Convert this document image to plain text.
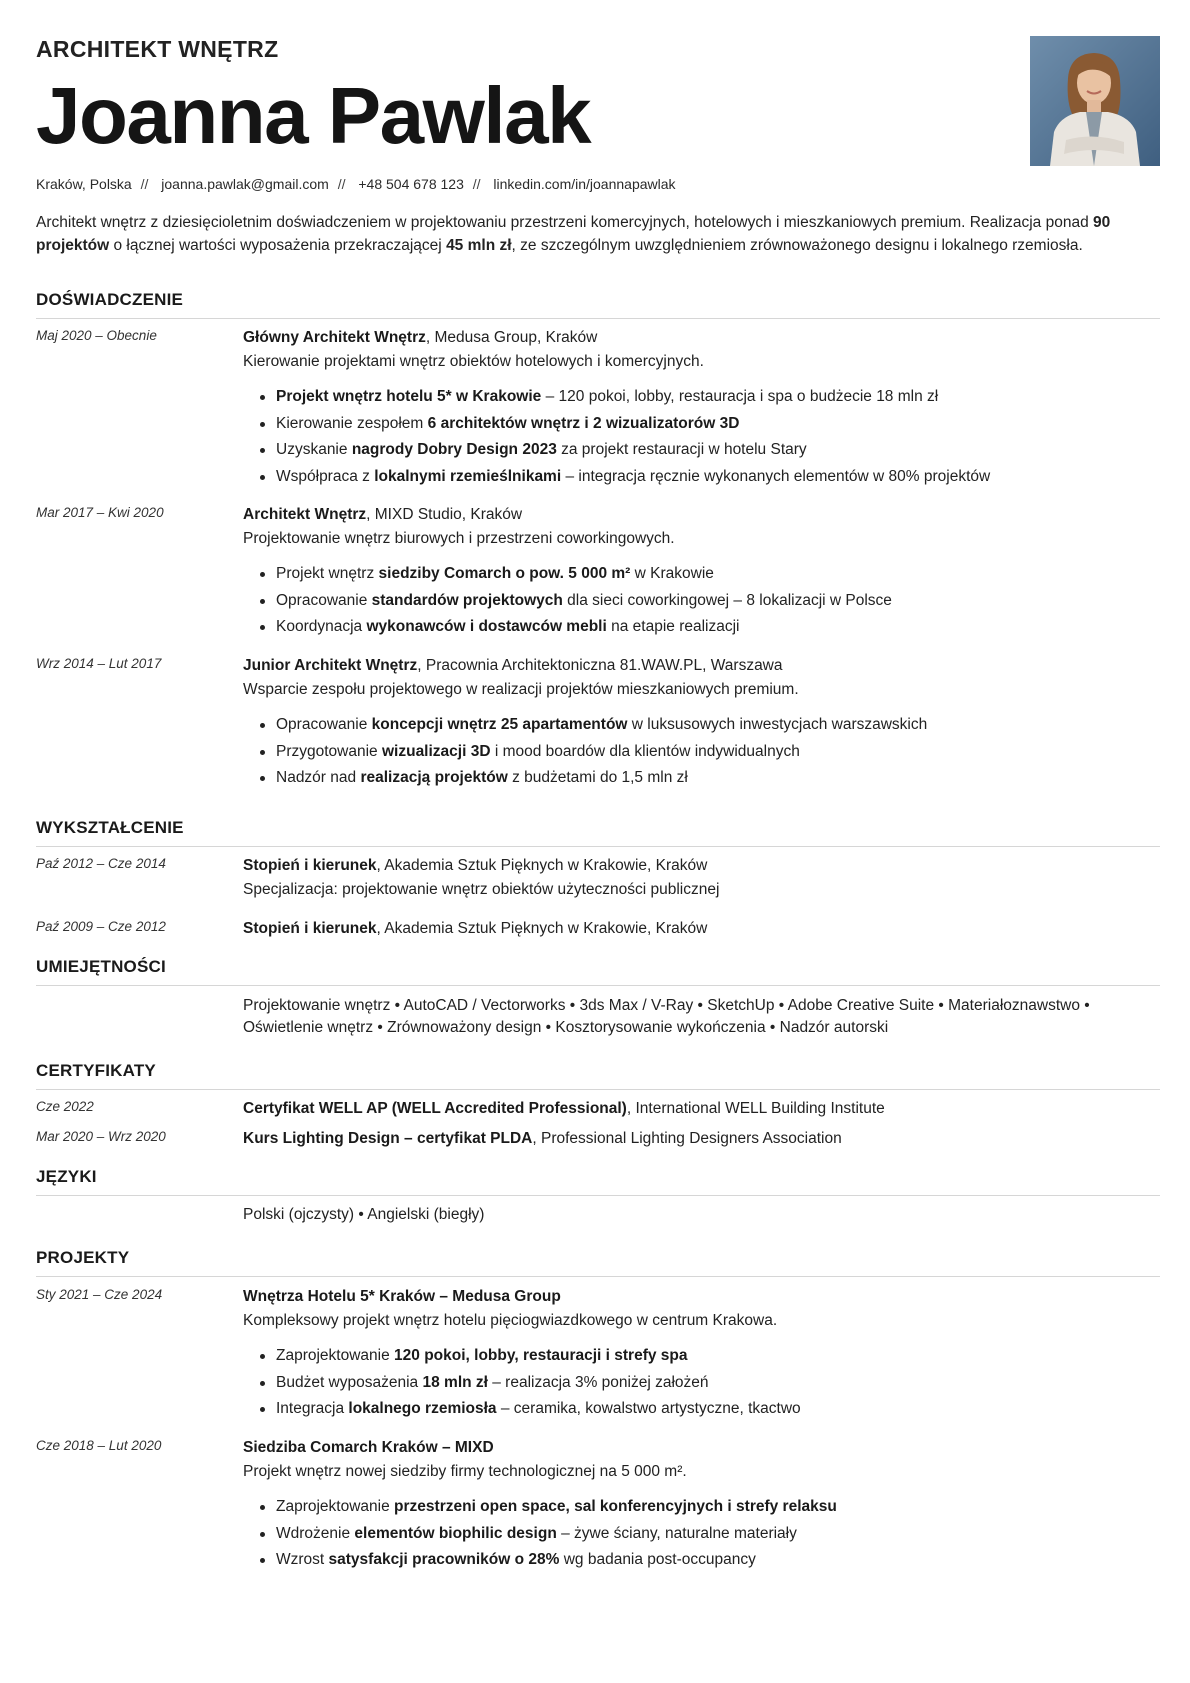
ARCHITEKT WNĘTRZ
Joanna Pawlak
Kraków, Polska // joanna.pawlak@gmail.com // +48 504 678 123 // linkedin.com/in/joannapawlak
Architekt wnętrz z dziesięcioletnim doświadczeniem w projektowaniu przestrzeni komercyjnych, hotelowych i mieszkaniowych premium. Realizacja ponad 90 projektów o łącznej wartości wyposażenia przekraczającej 45 mln zł, ze szczególnym uwzględnieniem zrównoważonego designu i lokalnego rzemiosła.
DOŚWIADCZENIE
Maj 2020 – Obecnie	Główny Architekt Wnętrz, Medusa Group, Kraków
Kierowanie projektami wnętrz obiektów hotelowych i komercyjnych.
Projekt wnętrz hotelu 5* w Krakowie – 120 pokoi, lobby, restauracja i spa o budżecie 18 mln zł
Kierowanie zespołem 6 architektów wnętrz i 2 wizualizatorów 3D
Uzyskanie nagrody Dobry Design 2023 za projekt restauracji w hotelu Stary
Współpraca z lokalnymi rzemieślnikami – integracja ręcznie wykonanych elementów w 80% projektów
Mar 2017 – Kwi 2020	Architekt Wnętrz, MIXD Studio, Kraków
Projektowanie wnętrz biurowych i przestrzeni coworkingowych.
Projekt wnętrz siedziby Comarch o pow. 5 000 m² w Krakowie
Opracowanie standardów projektowych dla sieci coworkingowej – 8 lokalizacji w Polsce
Koordynacja wykonawców i dostawców mebli na etapie realizacji
Wrz 2014 – Lut 2017	Junior Architekt Wnętrz, Pracownia Architektoniczna 81.WAW.PL, Warszawa
Wsparcie zespołu projektowego w realizacji projektów mieszkaniowych premium.
Opracowanie koncepcji wnętrz 25 apartamentów w luksusowych inwestycjach warszawskich
Przygotowanie wizualizacji 3D i mood boardów dla klientów indywidualnych
Nadzór nad realizacją projektów z budżetami do 1,5 mln zł
WYKSZTAŁCENIE
Paź 2012 – Cze 2014	Stopień i kierunek, Akademia Sztuk Pięknych w Krakowie, Kraków
Specjalizacja: projektowanie wnętrz obiektów użyteczności publicznej
Paź 2009 – Cze 2012	Stopień i kierunek, Akademia Sztuk Pięknych w Krakowie, Kraków
UMIEJĘTNOŚCI
Projektowanie wnętrz • AutoCAD / Vectorworks • 3ds Max / V-Ray • SketchUp • Adobe Creative Suite • Materiałoznawstwo • Oświetlenie wnętrz • Zrównoważony design • Kosztorysowanie wykończenia • Nadzór autorski
CERTYFIKATY
Cze 2022	Certyfikat WELL AP (WELL Accredited Professional), International WELL Building Institute
Mar 2020 – Wrz 2020	Kurs Lighting Design – certyfikat PLDA, Professional Lighting Designers Association
JĘZYKI
Polski (ojczysty) • Angielski (biegły)
PROJEKTY
Sty 2021 – Cze 2024	Wnętrza Hotelu 5* Kraków – Medusa Group
Kompleksowy projekt wnętrz hotelu pięciogwiazdkowego w centrum Krakowa.
Zaprojektowanie 120 pokoi, lobby, restauracji i strefy spa
Budżet wyposażenia 18 mln zł – realizacja 3% poniżej założeń
Integracja lokalnego rzemiosła – ceramika, kowalstwo artystyczne, tkactwo
Cze 2018 – Lut 2020	Siedziba Comarch Kraków – MIXD
Projekt wnętrz nowej siedziby firmy technologicznej na 5 000 m².
Zaprojektowanie przestrzeni open space, sal konferencyjnych i strefy relaksu
Wdrożenie elementów biophilic design – żywe ściany, naturalne materiały
Wzrost satysfakcji pracowników o 28% wg badania post-occupancy
